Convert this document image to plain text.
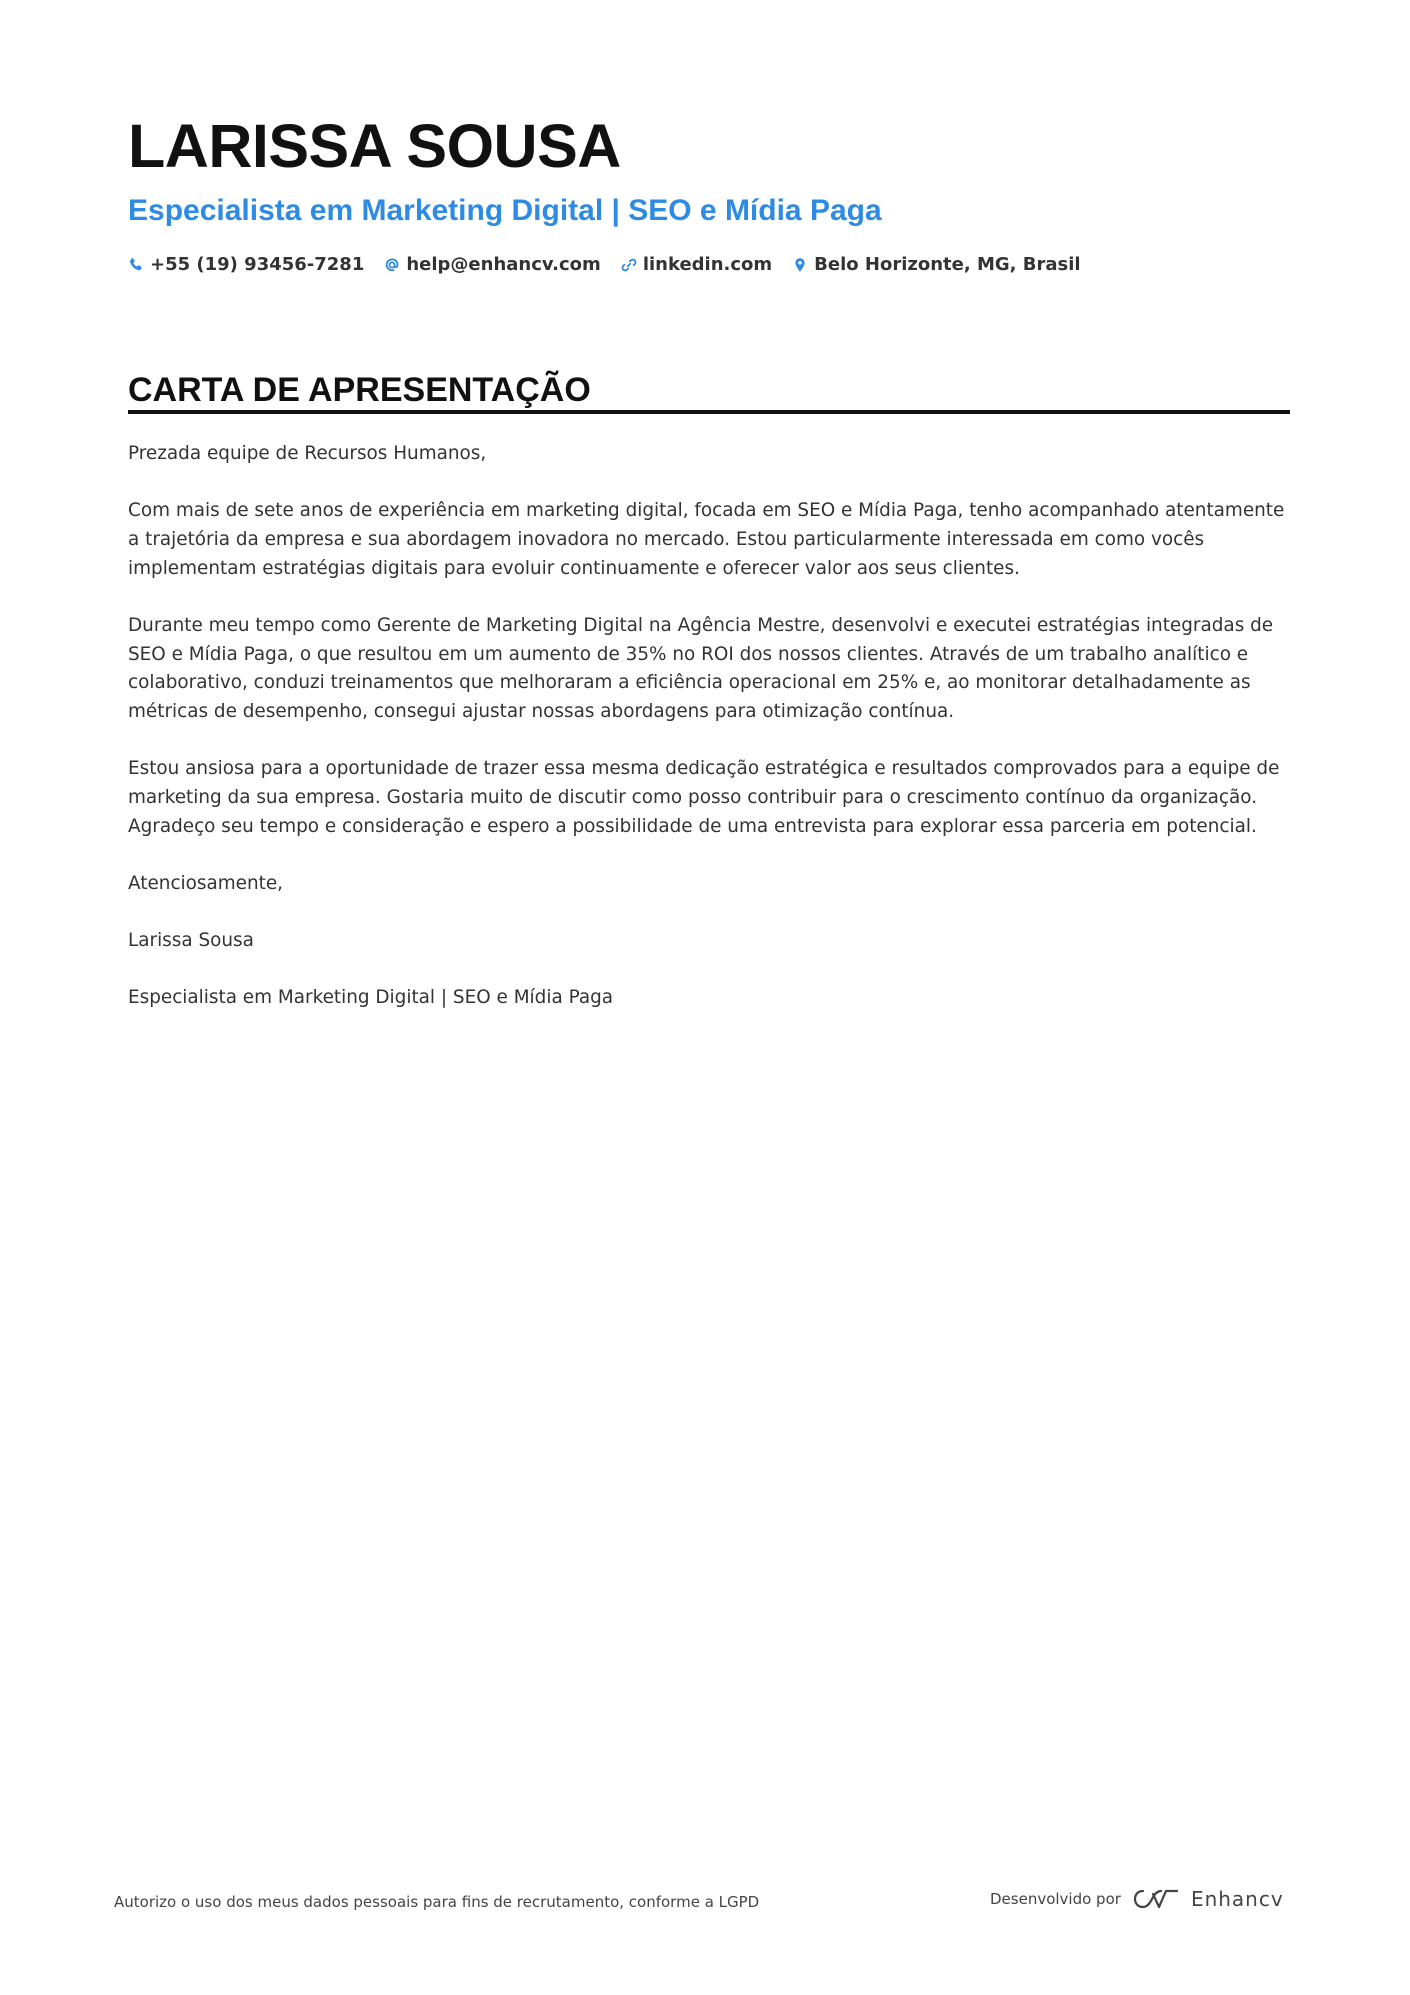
LARISSA SOUSA
Especialista em Marketing Digital | SEO e Mídia Paga
+55 (19) 93456-7281 help@enhancv.com linkedin.com Belo Horizonte, MG, Brasil
CARTA DE APRESENTAÇÃO

Prezada equipe de Recursos Humanos,

Com mais de sete anos de experiência em marketing digital, focada em SEO e Mídia Paga, tenho acompanhado atentamente a trajetória da empresa e sua abordagem inovadora no mercado. Estou particularmente interessada em como vocês implementam estratégias digitais para evoluir continuamente e oferecer valor aos seus clientes.

Durante meu tempo como Gerente de Marketing Digital na Agência Mestre, desenvolvi e executei estratégias integradas de SEO e Mídia Paga, o que resultou em um aumento de 35% no ROI dos nossos clientes. Através de um trabalho analítico e colaborativo, conduzi treinamentos que melhoraram a eficiência operacional em 25% e, ao monitorar detalhadamente as métricas de desempenho, consegui ajustar nossas abordagens para otimização contínua.

Estou ansiosa para a oportunidade de trazer essa mesma dedicação estratégica e resultados comprovados para a equipe de marketing da sua empresa. Gostaria muito de discutir como posso contribuir para o crescimento contínuo da organização. Agradeço seu tempo e consideração e espero a possibilidade de uma entrevista para explorar essa parceria em potencial.

Atenciosamente,

Larissa Sousa

Especialista em Marketing Digital | SEO e Mídia Paga

Autorizo o uso dos meus dados pessoais para fins de recrutamento, conforme a LGPD	Desenvolvido por	Enhancv
